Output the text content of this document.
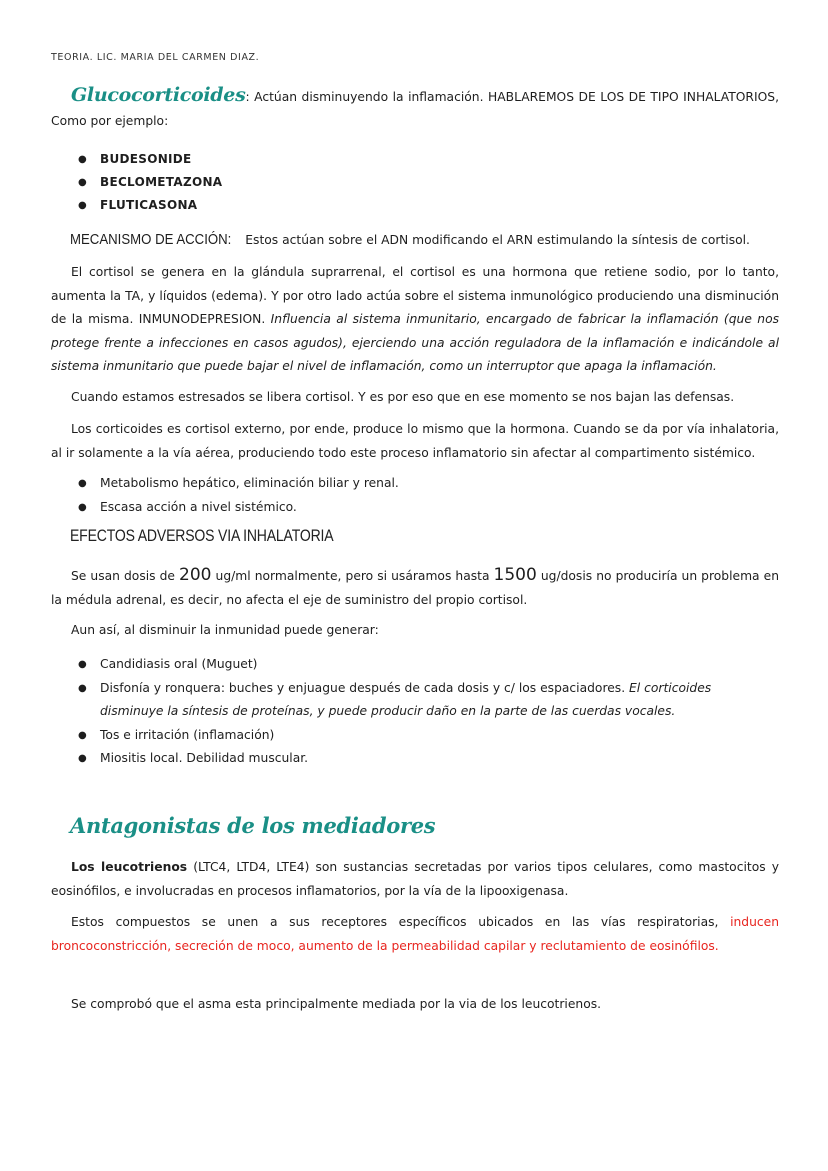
TEORIA. LIC. MARIA DEL CARMEN DIAZ.

Glucocorticoides: Actúan disminuyendo la inflamación. HABLAREMOS DE LOS DE TIPO INHALATORIOS, Como por ejemplo:

● BUDESONIDE
● BECLOMETAZONA
● FLUTICASONA

MECANISMO DE ACCIÓN: Estos actúan sobre el ADN modificando el ARN estimulando la síntesis de cortisol.

El cortisol se genera en la glándula suprarrenal, el cortisol es una hormona que retiene sodio, por lo tanto, aumenta la TA, y líquidos (edema). Y por otro lado actúa sobre el sistema inmunológico produciendo una disminución de la misma. INMUNODEPRESION. Influencia al sistema inmunitario, encargado de fabricar la inflamación (que nos protege frente a infecciones en casos agudos), ejerciendo una acción reguladora de la inflamación e indicándole al sistema inmunitario que puede bajar el nivel de inflamación, como un interruptor que apaga la inflamación.

Cuando estamos estresados se libera cortisol. Y es por eso que en ese momento se nos bajan las defensas.

Los corticoides es cortisol externo, por ende, produce lo mismo que la hormona. Cuando se da por vía inhalatoria, al ir solamente a la vía aérea, produciendo todo este proceso inflamatorio sin afectar al compartimento sistémico.

● Metabolismo hepático, eliminación biliar y renal.
● Escasa acción a nivel sistémico.
EFECTOS ADVERSOS VIA INHALATORIA

Se usan dosis de 200 ug/ml normalmente, pero si usáramos hasta 1500 ug/dosis no produciría un problema en la médula adrenal, es decir, no afecta el eje de suministro del propio cortisol.

Aun así, al disminuir la inmunidad puede generar:

● Candidiasis oral (Muguet)
● Disfonía y ronquera: buches y enjuague después de cada dosis y c/ los espaciadores. El corticoides disminuye la síntesis de proteínas, y puede producir daño en la parte de las cuerdas vocales.
● Tos e irritación (inflamación)
● Miositis local. Debilidad muscular.
Antagonistas de los mediadores

Los leucotrienos (LTC4, LTD4, LTE4) son sustancias secretadas por varios tipos celulares, como mastocitos y eosinófilos, e involucradas en procesos inflamatorios, por la vía de la lipooxigenasa.

Estos compuestos se unen a sus receptores específicos ubicados en las vías respiratorias, inducen broncoconstricción, secreción de moco, aumento de la permeabilidad capilar y reclutamiento de eosinófilos.

Se comprobó que el asma esta principalmente mediada por la via de los leucotrienos.
